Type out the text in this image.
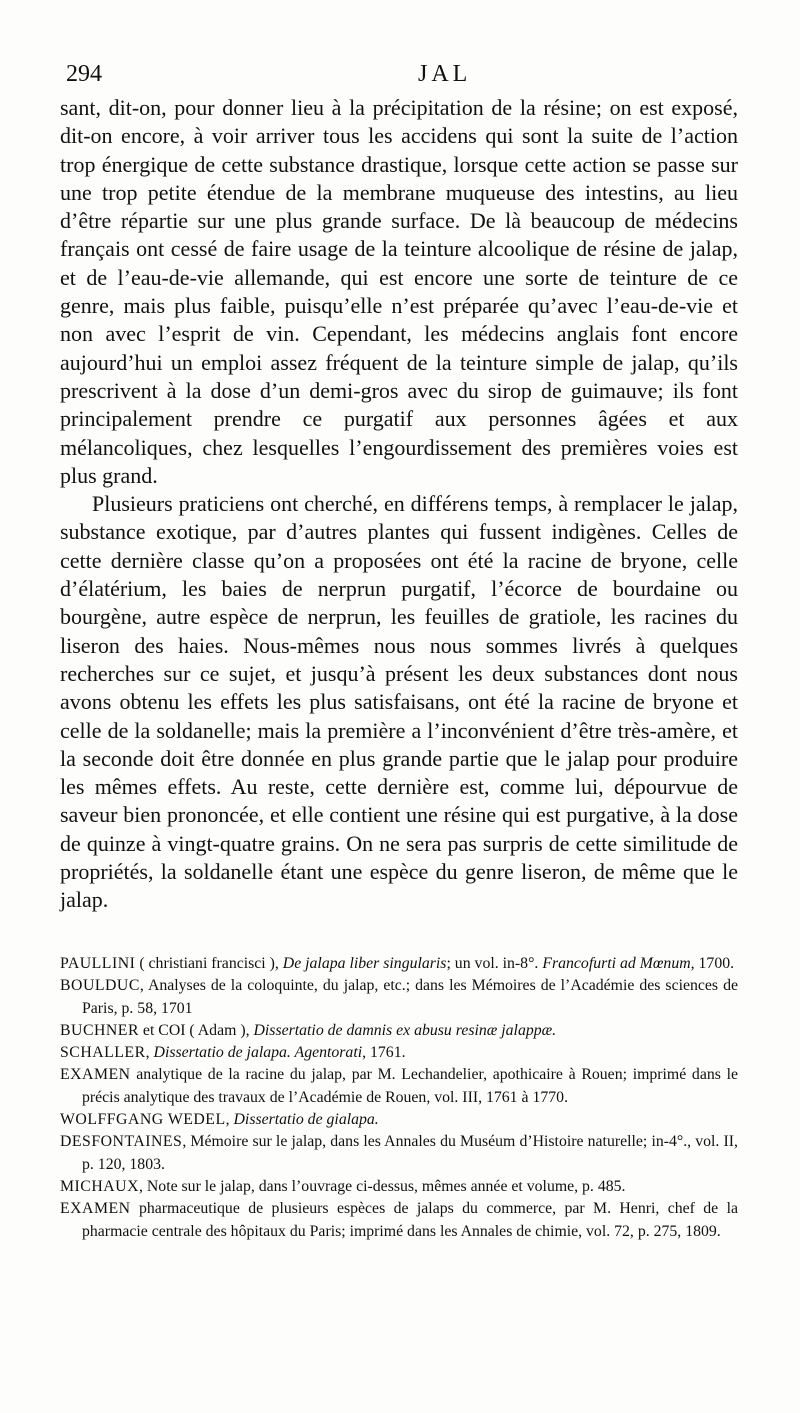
294	JAL

sant, dit-on, pour donner lieu à la précipitation de la résine; on est exposé, dit-on encore, à voir arriver tous les accidens qui sont la suite de l’action trop énergique de cette substance drastique, lorsque cette action se passe sur une trop petite étendue de la membrane muqueuse des intestins, au lieu d’être répartie sur une plus grande surface. De là beaucoup de médecins français ont cessé de faire usage de la teinture alcoolique de résine de jalap, et de l’eau-de-vie allemande, qui est encore une sorte de teinture de ce genre, mais plus faible, puisqu’elle n’est préparée qu’avec l’eau-de-vie et non avec l’esprit de vin. Cependant, les médecins anglais font encore aujourd’hui un emploi assez fréquent de la teinture simple de jalap, qu’ils prescrivent à la dose d’un demi-gros avec du sirop de guimauve; ils font principalement prendre ce purgatif aux personnes âgées et aux mélancoliques, chez lesquelles l’engourdissement des premières voies est plus grand.

Plusieurs praticiens ont cherché, en différens temps, à remplacer le jalap, substance exotique, par d’autres plantes qui fussent indigènes. Celles de cette dernière classe qu’on a proposées ont été la racine de bryone, celle d’élatérium, les baies de nerprun purgatif, l’écorce de bourdaine ou bourgène, autre espèce de nerprun, les feuilles de gratiole, les racines du liseron des haies. Nous-mêmes nous nous sommes livrés à quelques recherches sur ce sujet, et jusqu’à présent les deux substances dont nous avons obtenu les effets les plus satisfaisans, ont été la racine de bryone et celle de la soldanelle; mais la première a l’inconvénient d’être très-amère, et la seconde doit être donnée en plus grande partie que le jalap pour produire les mêmes effets. Au reste, cette dernière est, comme lui, dépourvue de saveur bien prononcée, et elle contient une résine qui est purgative, à la dose de quinze à vingt-quatre grains. On ne sera pas surpris de cette similitude de propriétés, la soldanelle étant une espèce du genre liseron, de même que le jalap.

PAULLINI ( christiani francisci ), De jalapa liber singularis; un vol. in-8°. Francofurti ad Mœnum, 1700.

BOULDUC, Analyses de la coloquinte, du jalap, etc.; dans les Mémoires de l’Académie des sciences de Paris, p. 58, 1701

BUCHNER et COI ( Adam ), Dissertatio de damnis ex abusu resinæ jalappæ.

SCHALLER, Dissertatio de jalapa. Agentorati, 1761.

EXAMEN analytique de la racine du jalap, par M. Lechandelier, apothicaire à Rouen; imprimé dans le précis analytique des travaux de l’Académie de Rouen, vol. III, 1761 à 1770.

WOLFFGANG WEDEL, Dissertatio de gialapa.

DESFONTAINES, Mémoire sur le jalap, dans les Annales du Muséum d’Histoire naturelle; in-4°., vol. II, p. 120, 1803.

MICHAUX, Note sur le jalap, dans l’ouvrage ci-dessus, mêmes année et volume, p. 485.

EXAMEN pharmaceutique de plusieurs espèces de jalaps du commerce, par M. Henri, chef de la pharmacie centrale des hôpitaux du Paris; imprimé dans les Annales de chimie, vol. 72, p. 275, 1809.
